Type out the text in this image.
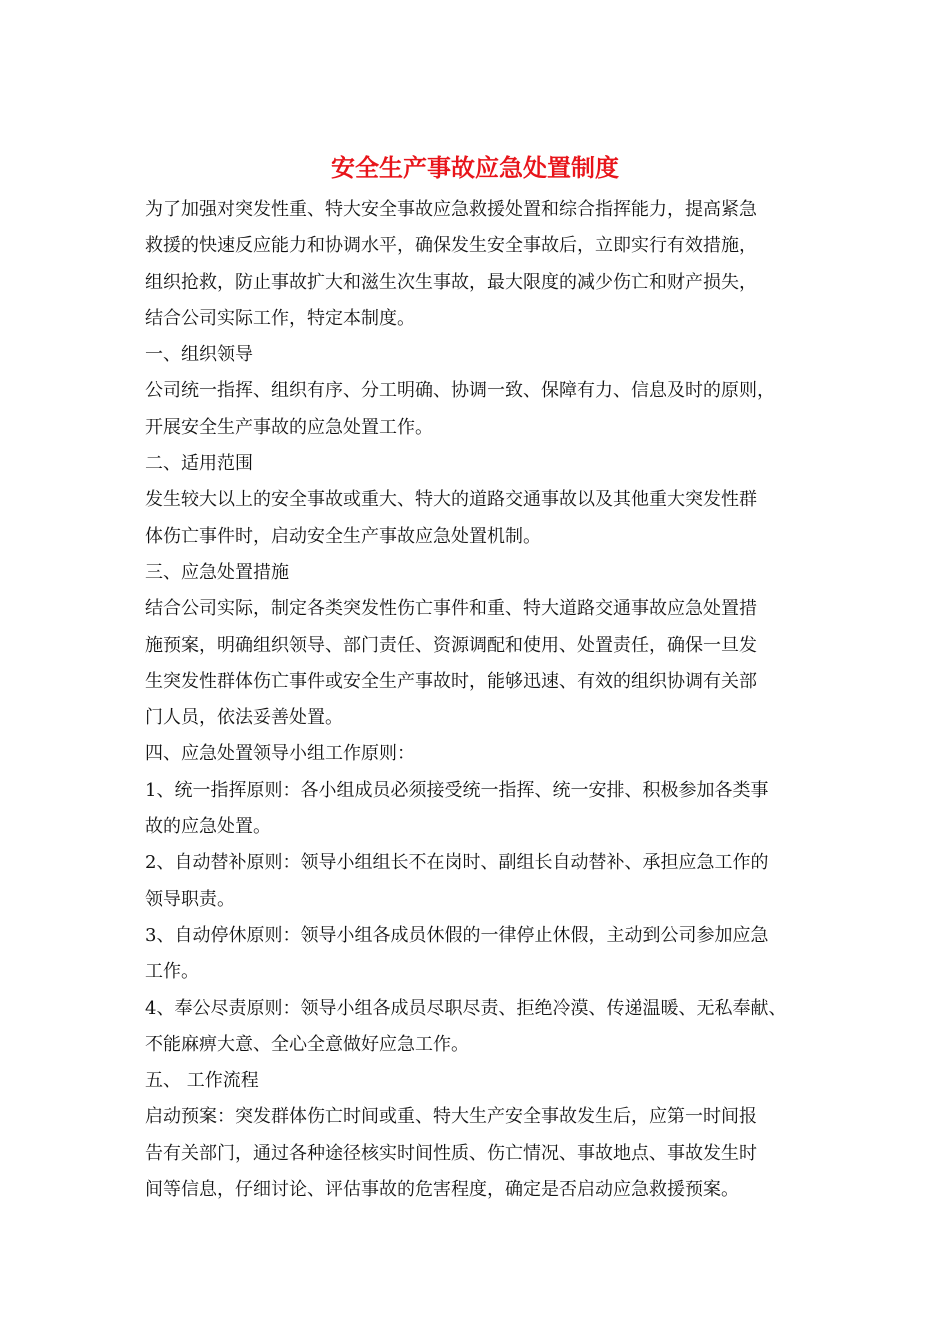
安全生产事故应急处置制度
为了加强对突发性重、特大安全事故应急救援处置和综合指挥能力，提高紧急
救援的快速反应能力和协调水平，确保发生安全事故后，立即实行有效措施，
组织抢救，防止事故扩大和滋生次生事故，最大限度的减少伤亡和财产损失，
结合公司实际工作，特定本制度。
一、组织领导
公司统一指挥、组织有序、分工明确、协调一致、保障有力、信息及时的原则，
开展安全生产事故的应急处置工作。
二、适用范围
发生较大以上的安全事故或重大、特大的道路交通事故以及其他重大突发性群
体伤亡事件时，启动安全生产事故应急处置机制。
三、应急处置措施
结合公司实际，制定各类突发性伤亡事件和重、特大道路交通事故应急处置措
施预案，明确组织领导、部门责任、资源调配和使用、处置责任，确保一旦发
生突发性群体伤亡事件或安全生产事故时，能够迅速、有效的组织协调有关部
门人员，依法妥善处置。
四、应急处置领导小组工作原则：
1、统一指挥原则：各小组成员必须接受统一指挥、统一安排、积极参加各类事
故的应急处置。
2、自动替补原则：领导小组组长不在岗时、副组长自动替补、承担应急工作的
领导职责。
3、自动停休原则：领导小组各成员休假的一律停止休假，主动到公司参加应急
工作。
4、奉公尽责原则：领导小组各成员尽职尽责、拒绝冷漠、传递温暖、无私奉献、
不能麻痹大意、全心全意做好应急工作。
五、 工作流程
启动预案：突发群体伤亡时间或重、特大生产安全事故发生后，应第一时间报
告有关部门，通过各种途径核实时间性质、伤亡情况、事故地点、事故发生时
间等信息，仔细讨论、评估事故的危害程度，确定是否启动应急救援预案。
